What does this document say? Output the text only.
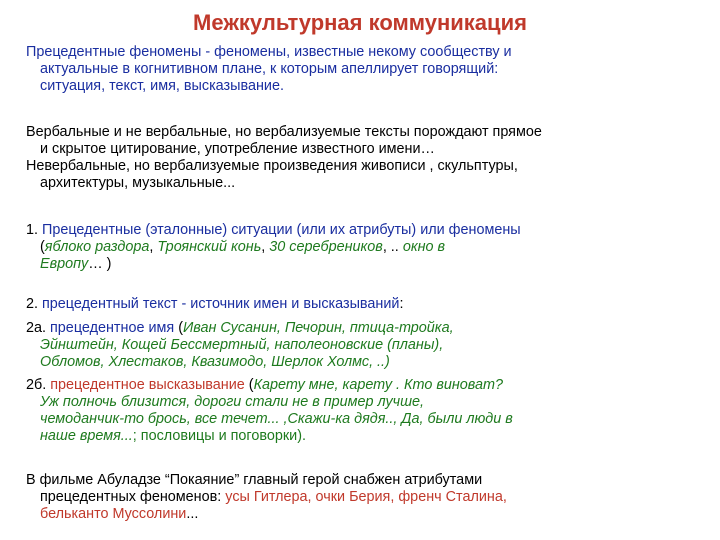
Межкультурная коммуникация

Прецедентные феномены - феномены, известные некому сообществу и

актуальные в когнитивном плане, к которым апеллирует говорящий:

ситуация, текст, имя, высказывание.

Вербальные и не вербальные, но вербализуемые тексты порождают прямое

и скрытое цитирование, употребление известного имени…

Невербальные, но вербализуемые произведения живописи , скульптуры,

архитектуры, музыкальные...

1. Прецедентные (эталонные) ситуации (или их атрибуты) или феномены

(яблоко раздора, Троянский конь, 30 серебреников, .. окно в

Европу… )

2. прецедентный текст - источник имен и высказываний:

2а. прецедентное имя (Иван Сусанин, Печорин, птица-тройка,

Эйнштейн, Кощей Бессмертный, наполеоновские (планы),

Обломов, Хлестаков, Квазимодо, Шерлок Холмс, ..)

2б. прецедентное высказывание (Карету мне, карету . Кто виноват?

Уж полночь близится, дороги стали не в пример лучше,

чемоданчик-то брось, все течет... ,Скажи-ка дядя.., Да, были люди в

наше время...; пословицы и поговорки).

В фильме Абуладзе “Покаяние” главный герой снабжен атрибутами

прецедентных феноменов: усы Гитлера, очки Берия, френч Сталина,

бельканто Муссолини...
